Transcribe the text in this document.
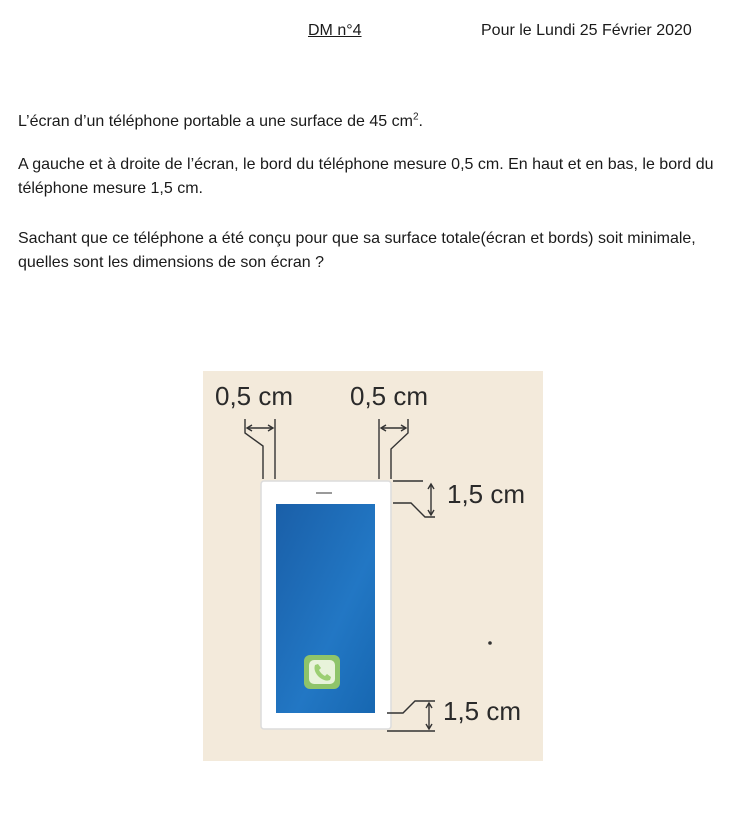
DM n°4	Pour le Lundi 25 Février 2020

L’écran d’un téléphone portable a une surface de 45 $cm^2$.

A gauche et à droite de l’écran, le bord du téléphone mesure 0,5 cm. En haut et en bas, le bord du téléphone mesure 1,5 cm.

Sachant que ce téléphone a été conçu pour que sa surface totale(écran et bords) soit minimale, quelles sont les dimensions de son écran ?

0,5 cm 0,5 cm
1,5 cm
1,5 cm
